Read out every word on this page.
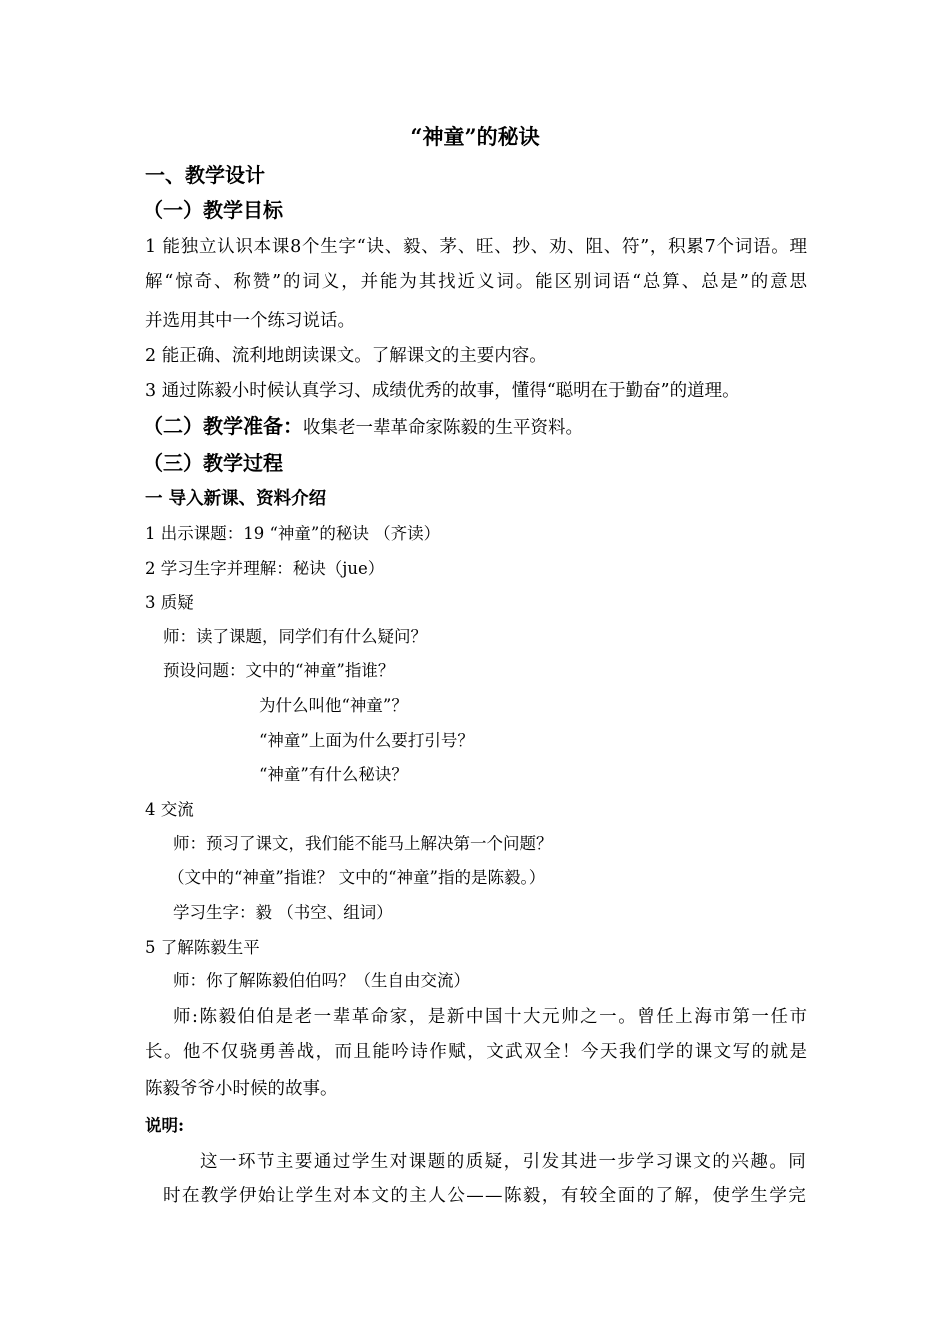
“神童”的秘诀
一、教学设计
（一）教学目标
1 能独立认识本课8个生字“诀、毅、茅、旺、抄、劝、阻、符”，积累7个词语。理
解“惊奇、称赞”的词义，并能为其找近义词。能区别词语“总算、总是”的意思
并选用其中一个练习说话。
2 能正确、流利地朗读课文。了解课文的主要内容。
3 通过陈毅小时候认真学习、成绩优秀的故事，懂得“聪明在于勤奋”的道理。
（二）教学准备：收集老一辈革命家陈毅的生平资料。
（三）教学过程
一 导入新课、资料介绍
1 出示课题：19 “神童”的秘诀 （齐读）
2 学习生字并理解：秘诀（jue）
3 质疑
师：读了课题，同学们有什么疑问？
预设问题：文中的“神童”指谁？
为什么叫他“神童”？
“神童”上面为什么要打引号？
“神童”有什么秘诀？
4 交流
师：预习了课文，我们能不能马上解决第一个问题？
（文中的“神童”指谁？ 文中的“神童”指的是陈毅。）
学习生字：毅 （书空、组词）
5 了解陈毅生平
师：你了解陈毅伯伯吗？（生自由交流）
师:陈毅伯伯是老一辈革命家，是新中国十大元帅之一。曾任上海市第一任市
长。他不仅骁勇善战，而且能吟诗作赋，文武双全！今天我们学的课文写的就是
陈毅爷爷小时候的故事。
说明:
这一环节主要通过学生对课题的质疑，引发其进一步学习课文的兴趣。同
时在教学伊始让学生对本文的主人公——陈毅，有较全面的了解，使学生学完
